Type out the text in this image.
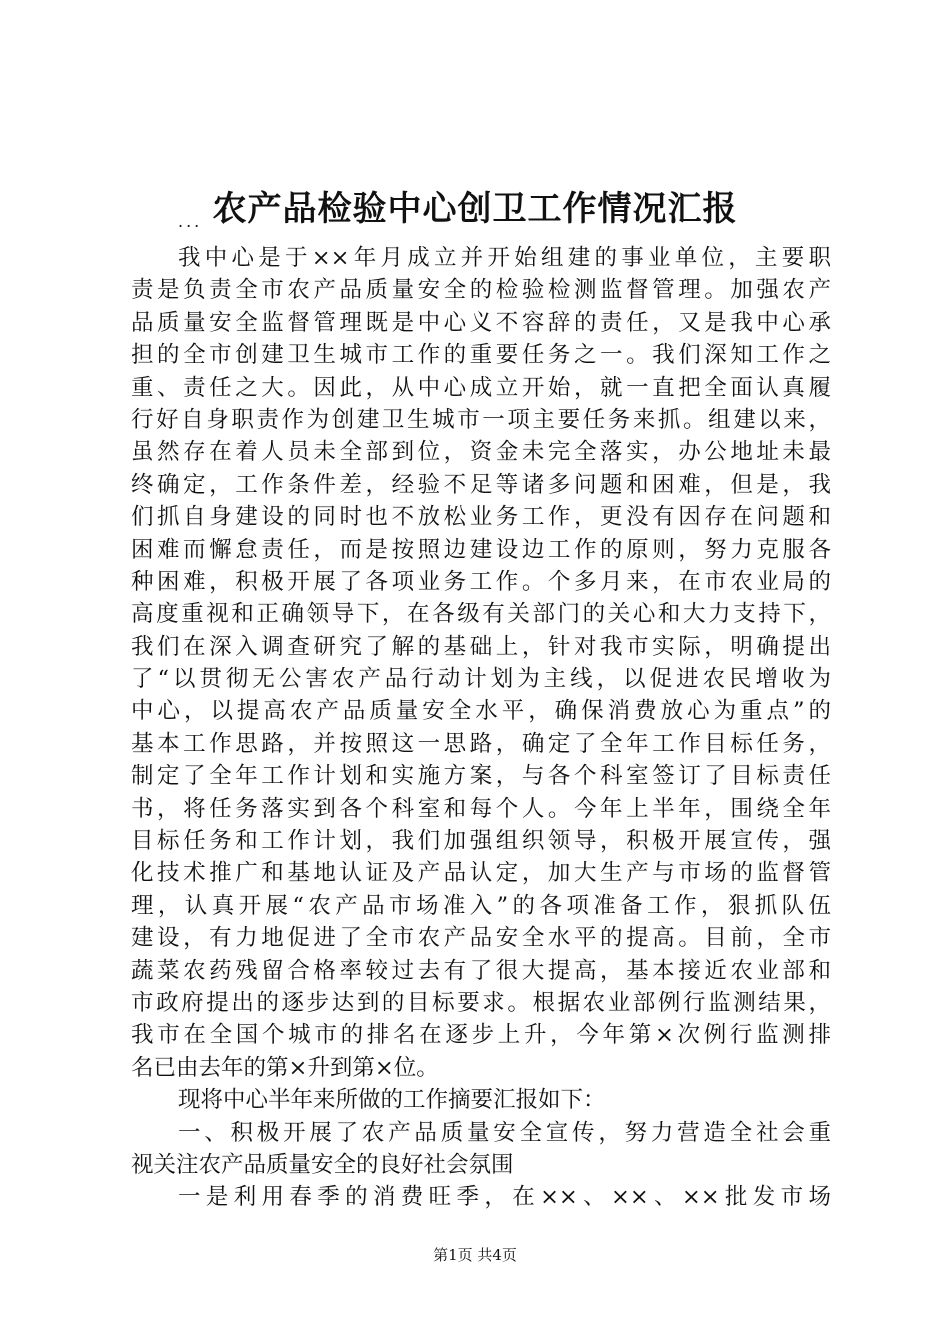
农产品检验中心创卫工作情况汇报
...
我中心是于××年月成立并开始组建的事业单位，主要职
责是负责全市农产品质量安全的检验检测监督管理。加强农产
品质量安全监督管理既是中心义不容辞的责任，又是我中心承
担的全市创建卫生城市工作的重要任务之一。我们深知工作之
重、责任之大。因此，从中心成立开始，就一直把全面认真履
行好自身职责作为创建卫生城市一项主要任务来抓。组建以来，
虽然存在着人员未全部到位，资金未完全落实，办公地址未最
终确定，工作条件差，经验不足等诸多问题和困难，但是，我
们抓自身建设的同时也不放松业务工作，更没有因存在问题和
困难而懈怠责任，而是按照边建设边工作的原则，努力克服各
种困难，积极开展了各项业务工作。个多月来，在市农业局的
高度重视和正确领导下，在各级有关部门的关心和大力支持下，
我们在深入调查研究了解的基础上，针对我市实际，明确提出
了“以贯彻无公害农产品行动计划为主线，以促进农民增收为
中心，以提高农产品质量安全水平，确保消费放心为重点”的
基本工作思路，并按照这一思路，确定了全年工作目标任务，
制定了全年工作计划和实施方案，与各个科室签订了目标责任
书，将任务落实到各个科室和每个人。今年上半年，围绕全年
目标任务和工作计划，我们加强组织领导，积极开展宣传，强
化技术推广和基地认证及产品认定，加大生产与市场的监督管
理，认真开展“农产品市场准入”的各项准备工作，狠抓队伍
建设，有力地促进了全市农产品安全水平的提高。目前，全市
蔬菜农药残留合格率较过去有了很大提高，基本接近农业部和
市政府提出的逐步达到的目标要求。根据农业部例行监测结果，
我市在全国个城市的排名在逐步上升，今年第×次例行监测排
名已由去年的第×升到第×位。
现将中心半年来所做的工作摘要汇报如下：
一、积极开展了农产品质量安全宣传，努力营造全社会重
视关注农产品质量安全的良好社会氛围
一是利用春季的消费旺季，在××、××、××批发市场
第1页 共4页
